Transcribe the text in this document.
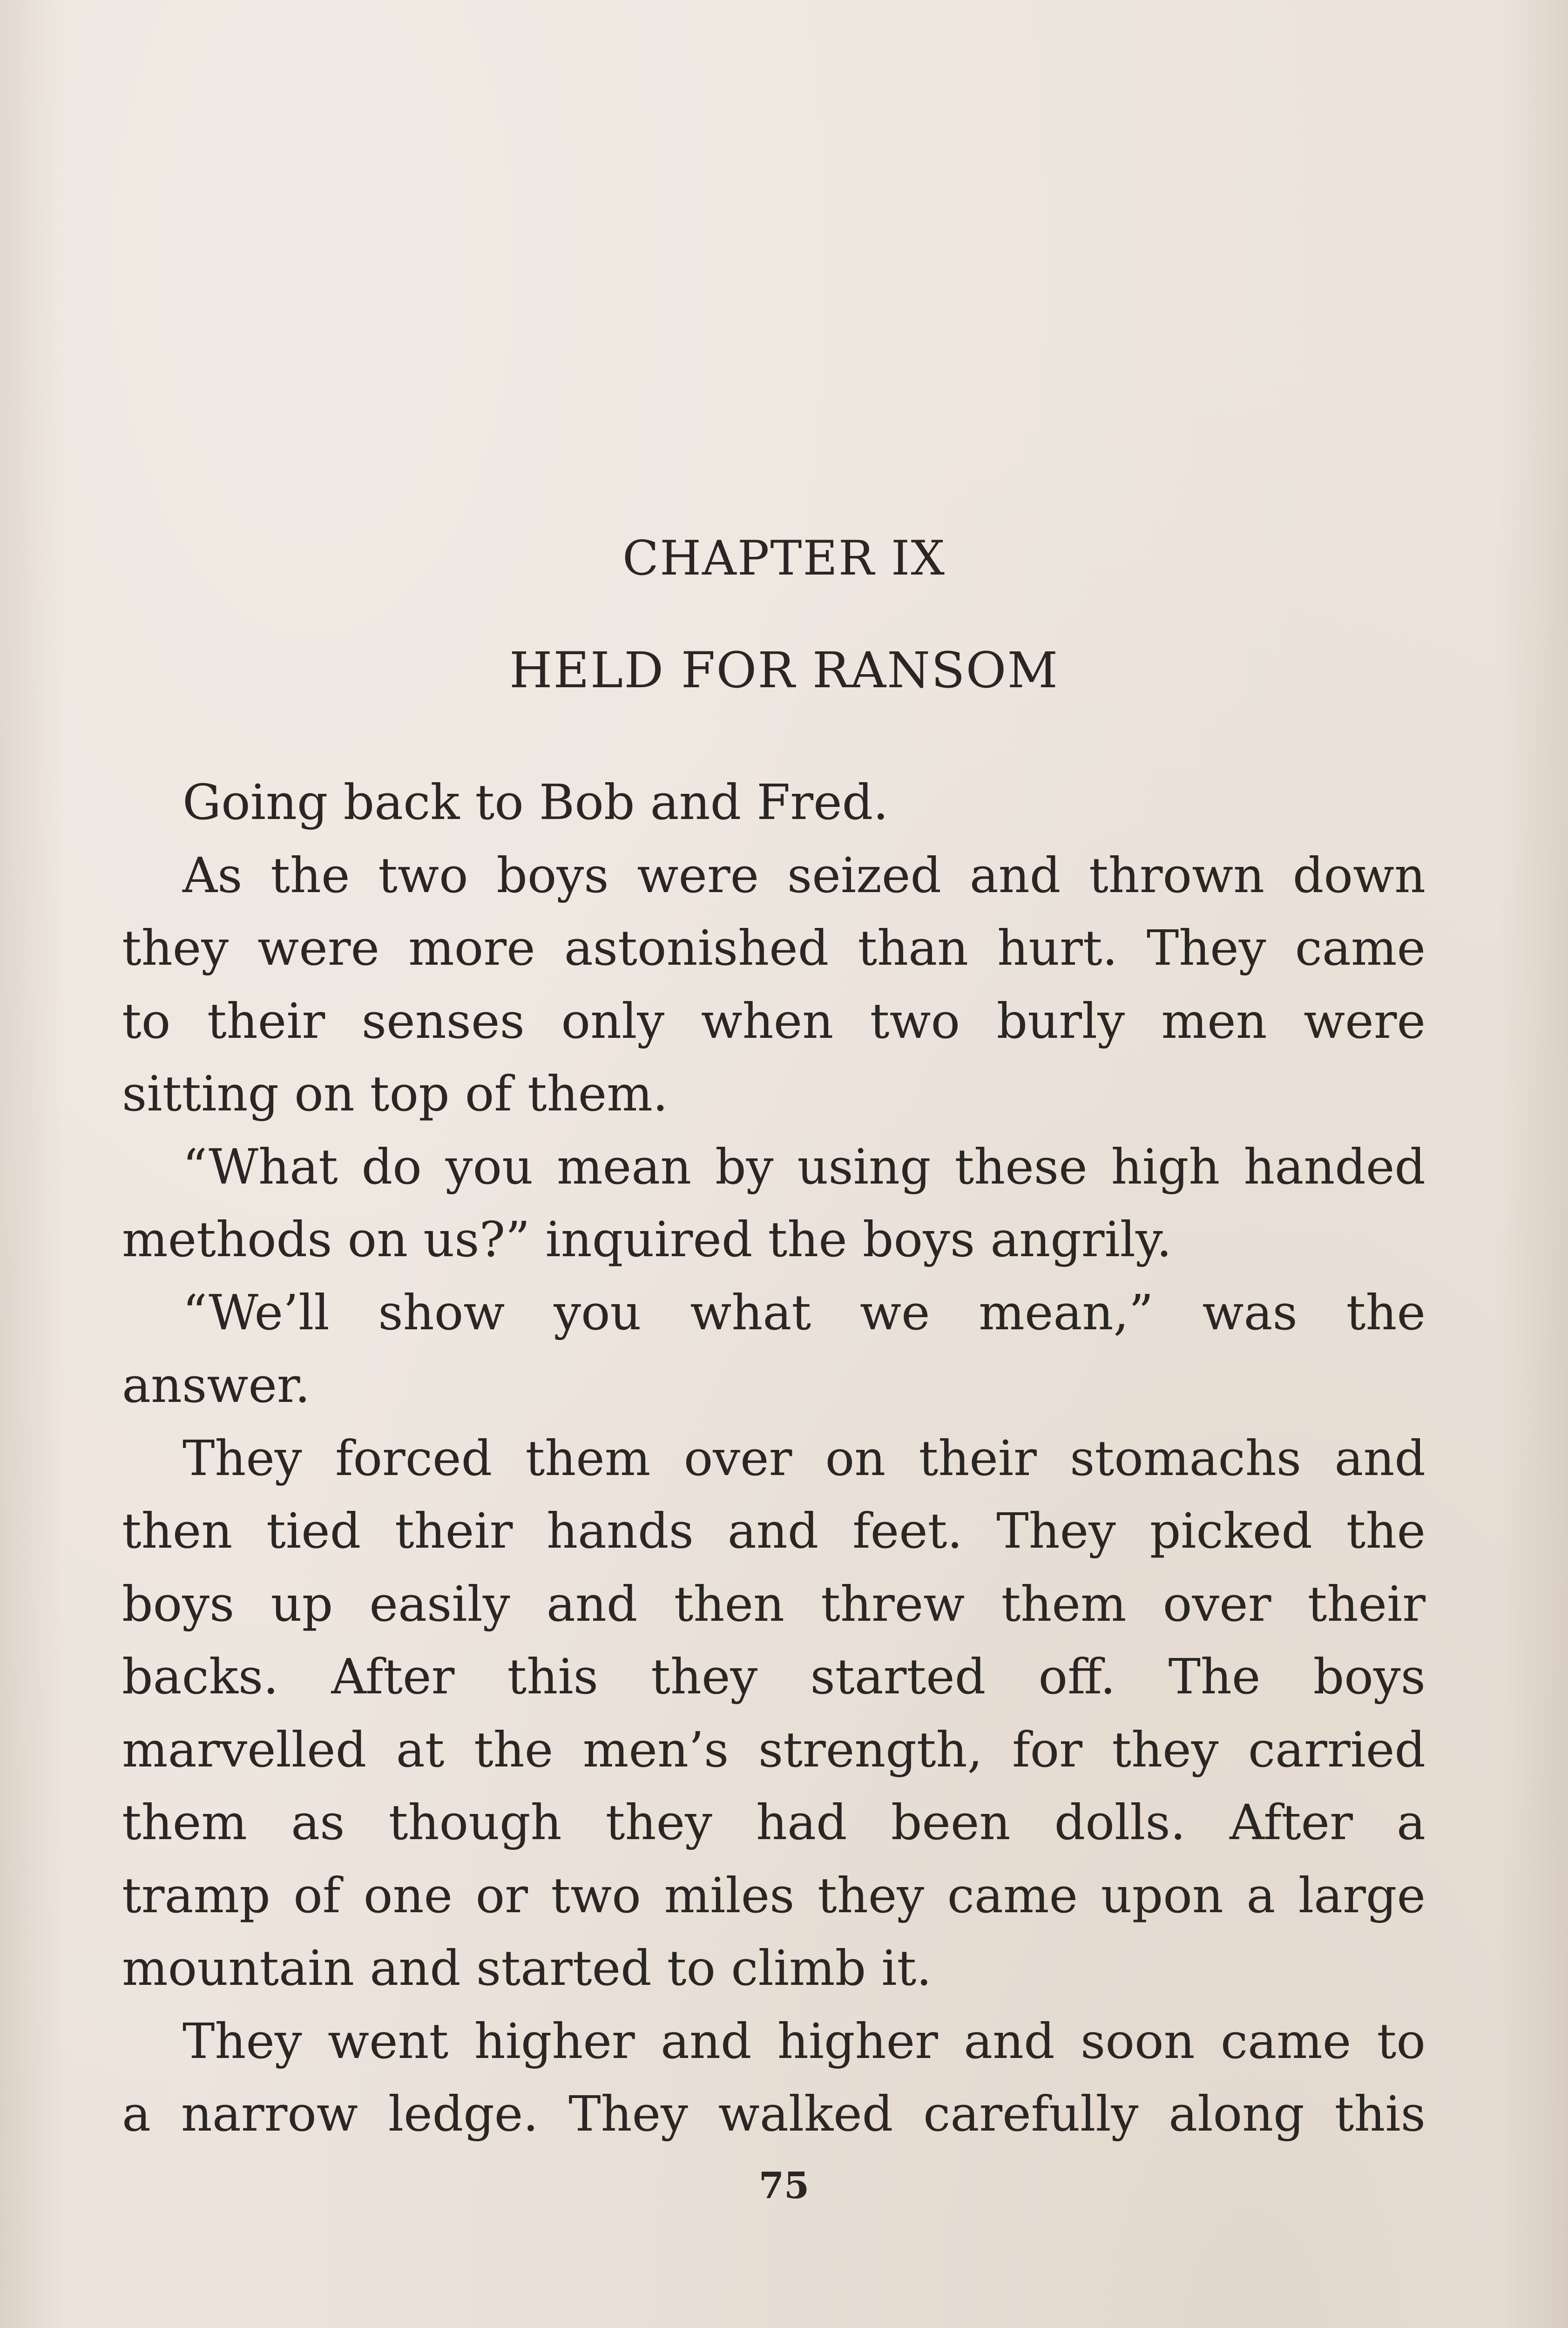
CHAPTER IX
HELD FOR RANSOM
Going back to Bob and Fred.
As the two boys were seized and thrown down
they were more astonished than hurt. They came
to their senses only when two burly men were
sitting on top of them.
“What do you mean by using these high handed
methods on us?” inquired the boys angrily.
“We’ll show you what we mean,” was the
answer.
They forced them over on their stomachs and
then tied their hands and feet. They picked the
boys up easily and then threw them over their
backs. After this they started off. The boys
marvelled at the men’s strength, for they carried
them as though they had been dolls. After a
tramp of one or two miles they came upon a large
mountain and started to climb it.
They went higher and higher and soon came to
a narrow ledge. They walked carefully along this
75
